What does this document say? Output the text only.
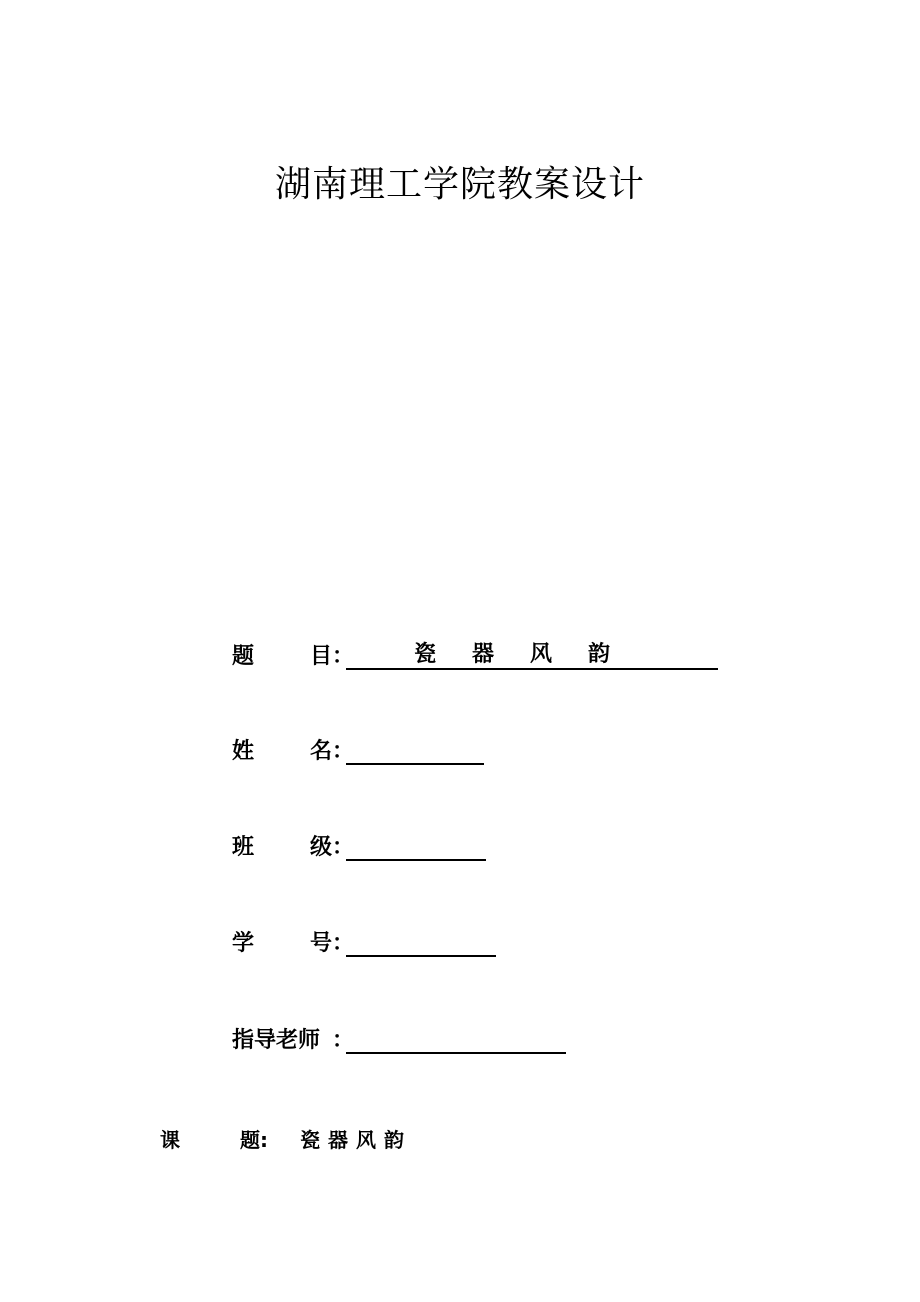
湖南理工学院教案设计
题	目 ：	瓷 器 风 韵
姓	名 ：
班	级 ：
学	号 ：
指导老师 ：
课	题 : 瓷器风韵
